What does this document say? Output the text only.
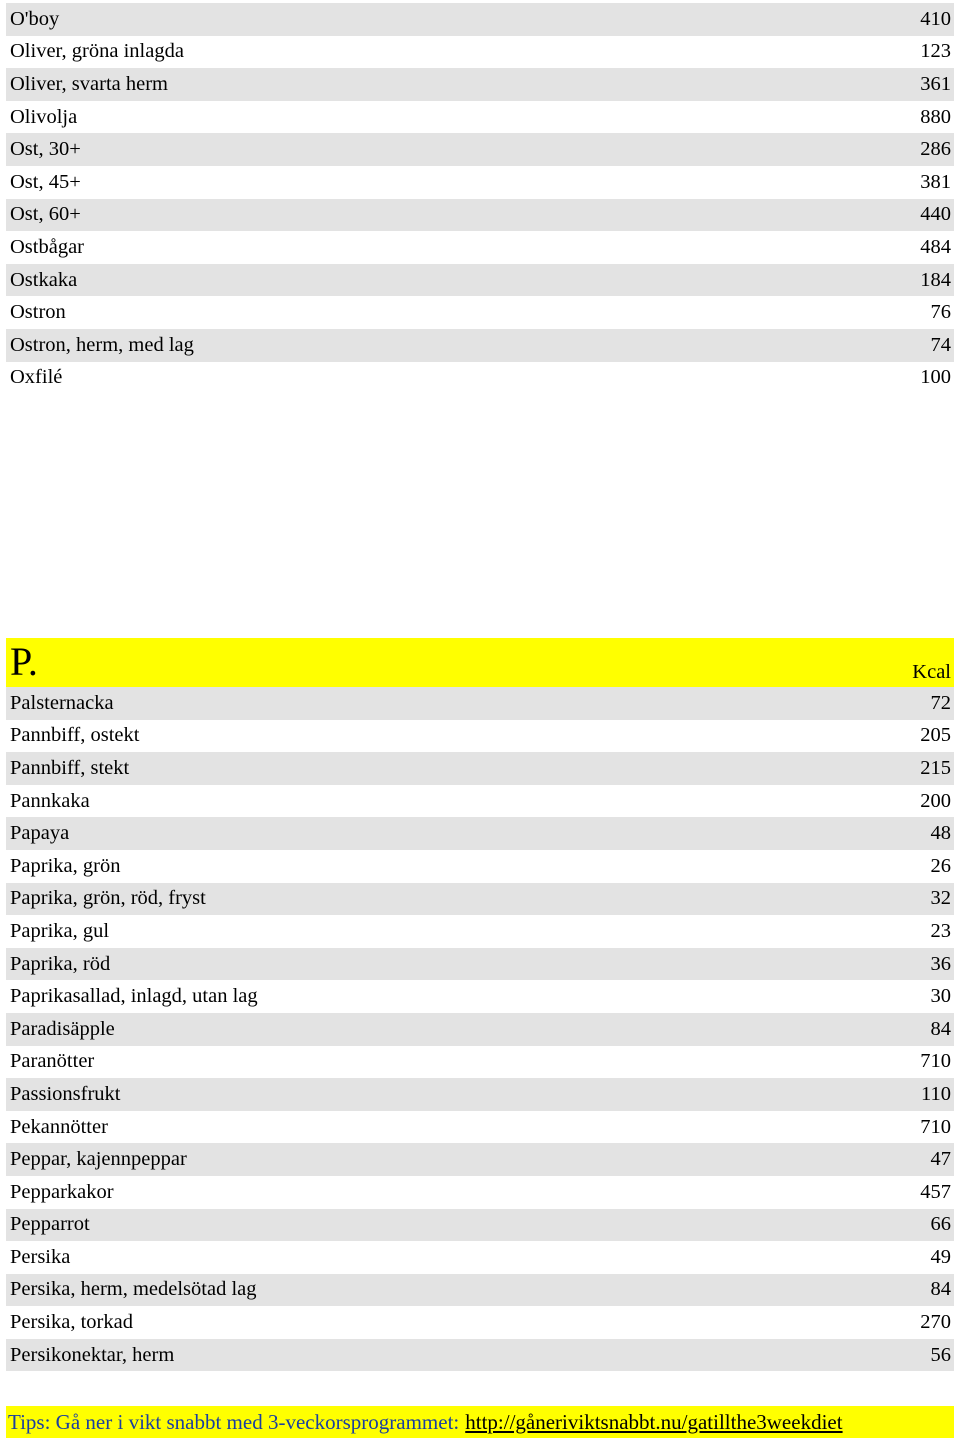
O'boy	410
Oliver, gröna inlagda	123
Oliver, svarta herm	361
Olivolja	880
Ost, 30+	286
Ost, 45+	381
Ost, 60+	440
Ostbågar	484
Ostkaka	184
Ostron	76
Ostron, herm, med lag	74
Oxfilé	100
P.	Kcal
Palsternacka	72
Pannbiff, ostekt	205
Pannbiff, stekt	215
Pannkaka	200
Papaya	48
Paprika, grön	26
Paprika, grön, röd, fryst	32
Paprika, gul	23
Paprika, röd	36
Paprikasallad, inlagd, utan lag	30
Paradisäpple	84
Paranötter	710
Passionsfrukt	110
Pekannötter	710
Peppar, kajennpeppar	47
Pepparkakor	457
Pepparrot	66
Persika	49
Persika, herm, medelsötad lag	84
Persika, torkad	270
Persikonektar, herm	56
Tips: Gå ner i vikt snabbt med 3-veckorsprogrammet: http://gåneriviktsnabbt.nu/gatillthe3weekdiet
